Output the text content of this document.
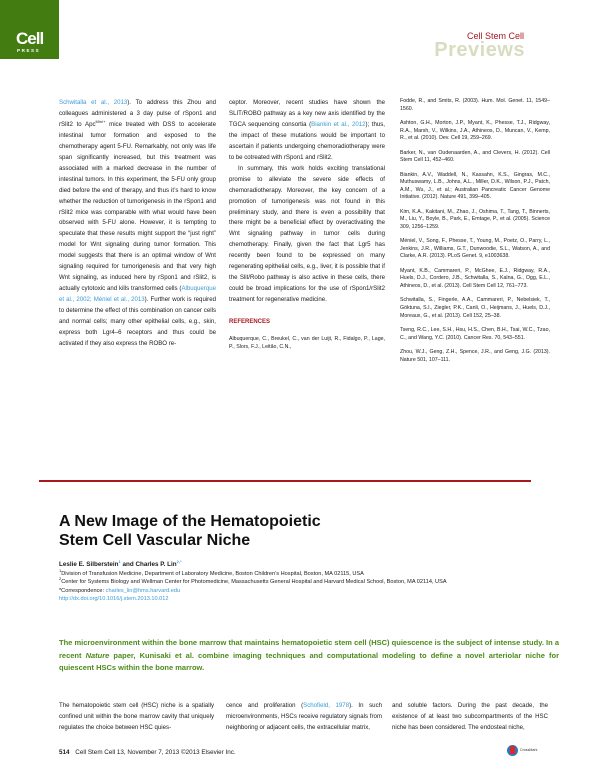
Cell
PRESS
Cell Stem Cell
Previews

Schwitalla et al., 2013). To address this Zhou and colleagues administered a 3 day pulse of rSpon1 and rSlit2 to Apc$^{Min/+}$ mice treated with DSS to accelerate intestinal tumor formation and exposed to the chemotherapy agent 5-FU. Remarkably, not only was life span significantly increased, but this treatment was associated with a marked decrease in the number of intestinal tumors. In this experiment, the 5-FU only group died before the end of therapy, and thus it’s hard to know whether the reduction of tumorigenesis in the rSpon1 and rSlit2 mice was comparable with what would have been observed with 5-FU alone. However, it is tempting to speculate that these results might support the “just right” model for Wnt signaling during tumor formation. This model suggests that there is an optimal window of Wnt signaling required for tumorigenesis and that very high Wnt signaling, as induced here by rSpon1 and rSlit2, is actually cytotoxic and kills transformed cells (Albuquerque et al., 2002; Méniel et al., 2013). Further work is required to determine the effect of this combination on cancer cells and normal cells; many other epithelial cells, e.g., skin, express both Lgr4–6 receptors and thus could be activated if they also express the ROBO re-

ceptor. Moreover, recent studies have shown the SLIT/ROBO pathway as a key new axis identified by the TGCA sequencing consortia (Biankin et al., 2012); thus, the impact of these mutations would be important to ascertain if patients undergoing chemoradiotherapy were to be cotreated with rSpon1 and rSlit2.

In summary, this work holds exciting translational promise to alleviate the severe side effects of chemoradiotherapy. Moreover, the key concern of a promotion of tumorigenesis was not found in this preliminary study, and there is even a possibility that there might be a beneficial effect by overactivating the Wnt signaling pathway in tumor cells during chemotherapy. Finally, given the fact that Lgr5 has recently been found to be expressed on many regenerating epithelial cells, e.g., liver, it is possible that if the Slit/Robo pathway is also active in these cells, there could be broad implications for the use of rSpon1/rSlit2 treatment for regenerative medicine.

REFERENCES
Albuquerque, C., Breukel, C., van der Luijt, R., Fidalgo, P., Lage, P., Slors, F.J., Leitão, C.N.,

Fodde, R., and Smits, R. (2003). Hum. Mol. Genet. 11, 1549–1560.

Ashton, G.H., Morton, J.P., Myant, K., Phesse, T.J., Ridgway, R.A., Marsh, V., Wilkins, J.A., Athineos, D., Muncan, V., Kemp, R., et al. (2010). Dev. Cell 19, 259–269.

Barker, N., van Oudenaarden, A., and Clevers, H. (2012). Cell Stem Cell 11, 452–460.

Biankin, A.V., Waddell, N., Kassahn, K.S., Gingras, M.C., Muthuswamy, L.B., Johns, A.L., Miller, D.K., Wilson, P.J., Patch, A.M., Wu, J., et al.; Australian Pancreatic Cancer Genome Initiative. (2012). Nature 491, 399–405.

Kim, K.A., Kakitani, M., Zhao, J., Oshima, T., Tang, T., Binnerts, M., Liu, Y., Boyle, B., Park, E., Emtage, P., et al. (2005). Science 309, 1256–1259.

Méniel, V., Song, F., Phesse, T., Young, M., Poetz, O., Parry, L., Jenkins, J.R., Williams, G.T., Dunwoodie, S.L., Watson, A., and Clarke, A.R. (2013). PLoS Genet. 9, e1003638.

Myant, K.B., Cammareri, P., McGhee, E.J., Ridgway, R.A., Huels, D.J., Cordero, J.B., Schwitalla, S., Kalna, G., Ogg, E.L., Athineos, D., et al. (2013). Cell Stem Cell 12, 761–773.

Schwitalla, S., Fingerle, A.A., Cammareri, P., Nebelsiek, T., Göktuna, S.I., Ziegler, P.K., Canli, O., Heijmans, J., Huels, D.J., Moreaux, G., et al. (2013). Cell 152, 25–38.

Tseng, R.C., Lee, S.H., Hsu, H.S., Chen, B.H., Tsai, W.C., Tzao, C., and Wang, Y.C. (2010). Cancer Res. 70, 543–551.

Zhou, W.J., Geng, Z.H., Spence, J.R., and Geng, J.G. (2013). Nature 501, 107–111.

A New Image of the Hematopoietic
Stem Cell Vascular Niche
Leslie E. Silberstein$^1$ and Charles P. Lin$^{2,*}$
$^1$Division of Transfusion Medicine, Department of Laboratory Medicine, Boston Children’s Hospital, Boston, MA 02115, USA
$^2$Center for Systems Biology and Wellman Center for Photomedicine, Massachusetts General Hospital and Harvard Medical School, Boston, MA 02114, USA
*Correspondence: charles_lin@hms.harvard.edu
http://dx.doi.org/10.1016/j.stem.2013.10.012
The microenvironment within the bone marrow that maintains hematopoietic stem cell (HSC) quiescence is the subject of intense study. In a recent Nature paper, Kunisaki et al. combine imaging techniques and computational modeling to define a novel arteriolar niche for quiescent HSCs within the bone marrow.
The hematopoietic stem cell (HSC) niche is a spatially confined unit within the bone marrow cavity that uniquely regulates the choice between HSC quies-
cence and proliferation (Schofield, 1978). In such microenvironments, HSCs receive regulatory signals from neighboring or adjacent cells, the extracellular matrix,
and soluble factors. During the past decade, the existence of at least two subcompartments of the HSC niche has been considered. The endosteal niche,
514 Cell Stem Cell 13, November 7, 2013 ©2013 Elsevier Inc.	CrossMark
